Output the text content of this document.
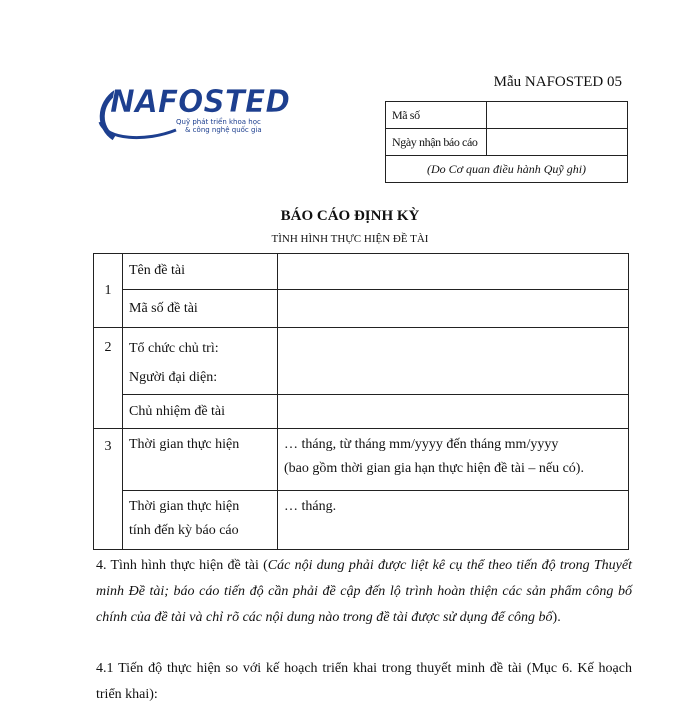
NAFOSTED
Quỹ phát triển khoa học
& công nghệ quốc gia
Mẫu NAFOSTED 05
Mã số	
Ngày nhận báo cáo	
(Do Cơ quan điều hành Quỹ ghi)	
BÁO CÁO ĐỊNH KỲ
TÌNH HÌNH THỰC HIỆN ĐỀ TÀI
1	Tên đề tài	
	Mã số đề tài	
2	Tổ chức chủ trì:
Người đại diện:	

	Chủ nhiệm đề tài	
3	Thời gian thực hiện	… tháng, từ tháng mm/yyyy đến tháng mm/yyyy
(bao gồm thời gian gia hạn thực hiện đề tài – nếu có).

	Thời gian thực hiện
tính đến kỳ báo cáo	… tháng.
4. Tình hình thực hiện đề tài (Các nội dung phải được liệt kê cụ thể theo tiến độ trong Thuyết minh Đề tài; báo cáo tiến độ cần phải đề cập đến lộ trình hoàn thiện các sản phẩm công bố chính của đề tài và chỉ rõ các nội dung nào trong đề tài được sử dụng để công bố).
4.1 Tiến độ thực hiện so với kế hoạch triển khai trong thuyết minh đề tài (Mục 6. Kế hoạch triển khai):
